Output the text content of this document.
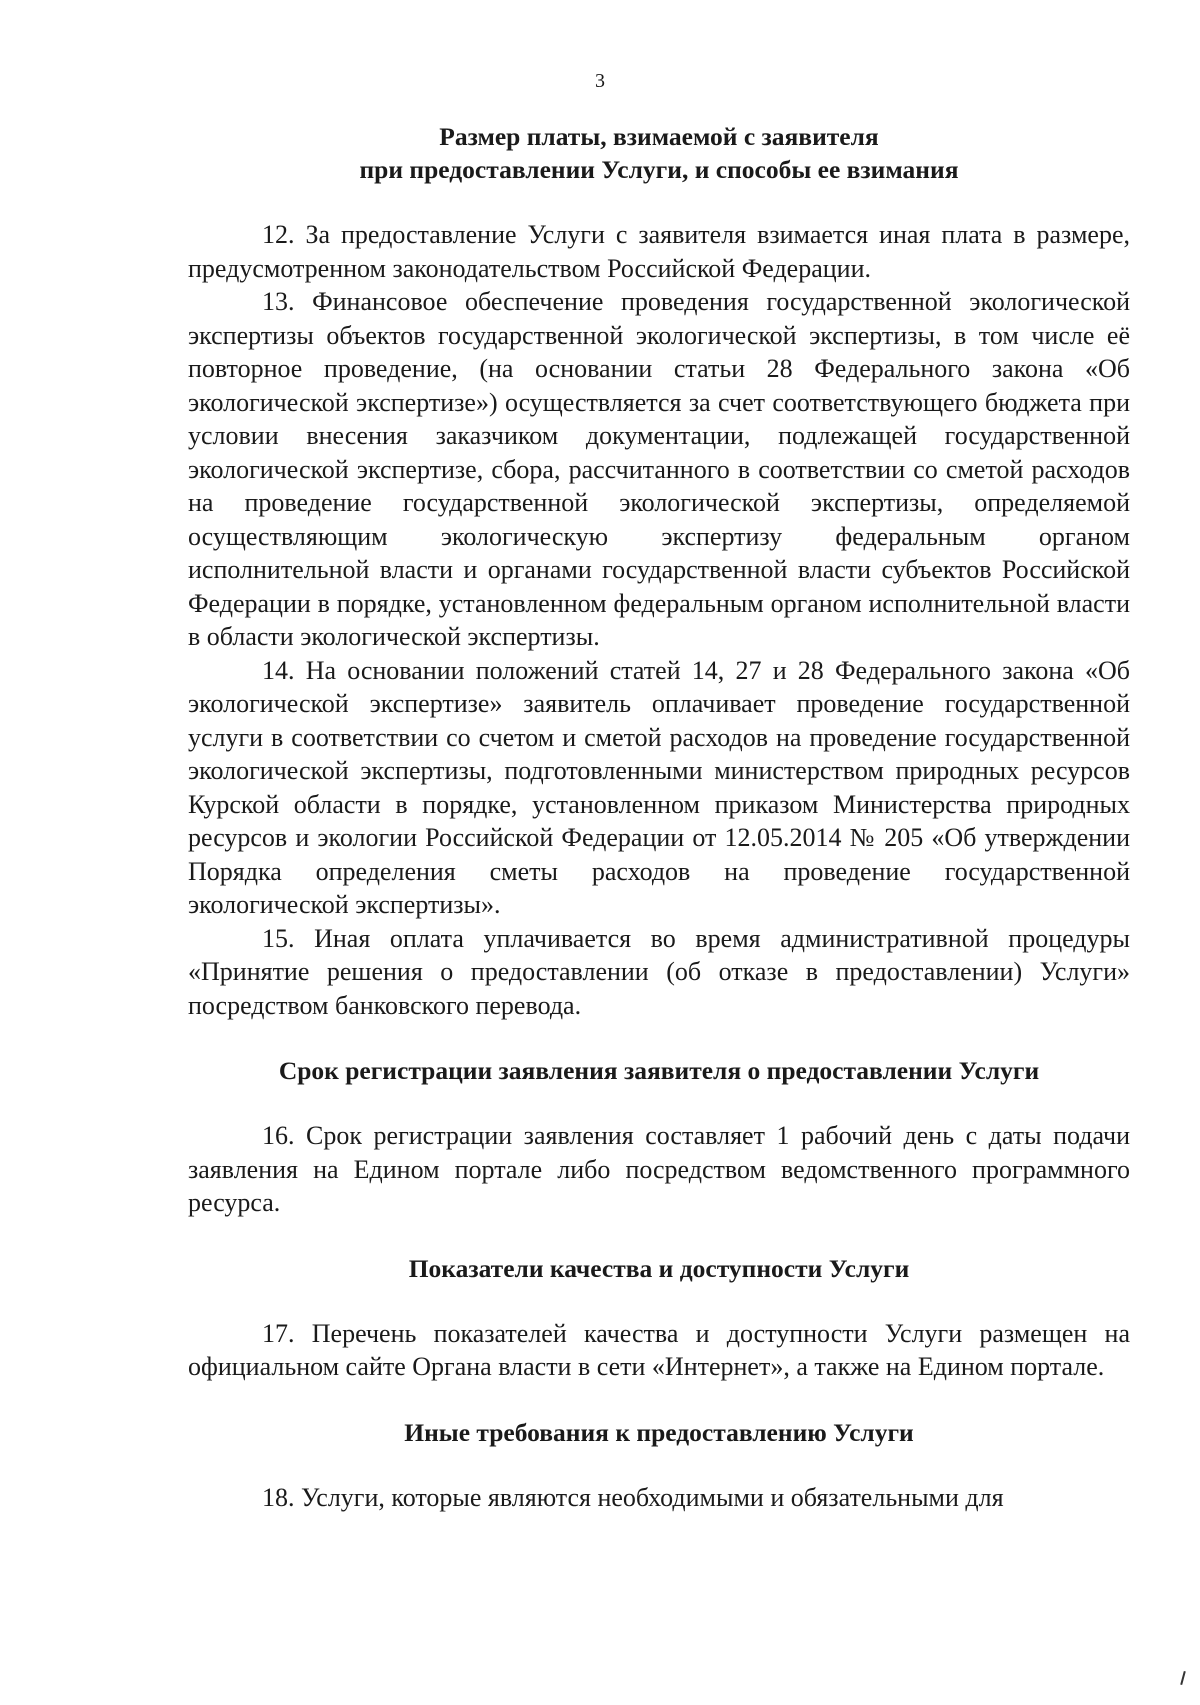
3
Размер платы, взимаемой с заявителя
при предоставлении Услуги, и способы ее взимания

12. За предоставление Услуги с заявителя взимается иная плата в размере, предусмотренном законодательством Российской Федерации.

13. Финансовое обеспечение проведения государственной экологической экспертизы объектов государственной экологической экспертизы, в том числе её повторное проведение, (на основании статьи 28 Федерального закона «Об экологической экспертизе») осуществляется за счет соответствующего бюджета при условии внесения заказчиком документации, подлежащей государственной экологической экспертизе, сбора, рассчитанного в соответствии со сметой расходов на проведение государственной экологической экспертизы, определяемой осуществляющим экологическую экспертизу федеральным органом исполнительной власти и органами государственной власти субъектов Российской Федерации в порядке, установленном федеральным органом исполнительной власти в области экологической экспертизы.

14. На основании положений статей 14, 27 и 28 Федерального закона «Об экологической экспертизе» заявитель оплачивает проведение государственной услуги в соответствии со счетом и сметой расходов на проведение государственной экологической экспертизы, подготовленными министерством природных ресурсов Курской области в порядке, установленном приказом Министерства природных ресурсов и экологии Российской Федерации от 12.05.2014 № 205 «Об утверждении Порядка определения сметы расходов на проведение государственной экологической экспертизы».

15. Иная оплата уплачивается во время административной процедуры «Принятие решения о предоставлении (об отказе в предоставлении) Услуги» посредством банковского перевода.

Срок регистрации заявления заявителя о предоставлении Услуги

16. Срок регистрации заявления составляет 1 рабочий день с даты подачи заявления на Едином портале либо посредством ведомственного программного ресурса.

Показатели качества и доступности Услуги

17. Перечень показателей качества и доступности Услуги размещен на официальном сайте Органа власти в сети «Интернет», а также на Едином портале.

Иные требования к предоставлению Услуги

18. Услуги, которые являются необходимыми и обязательными для
